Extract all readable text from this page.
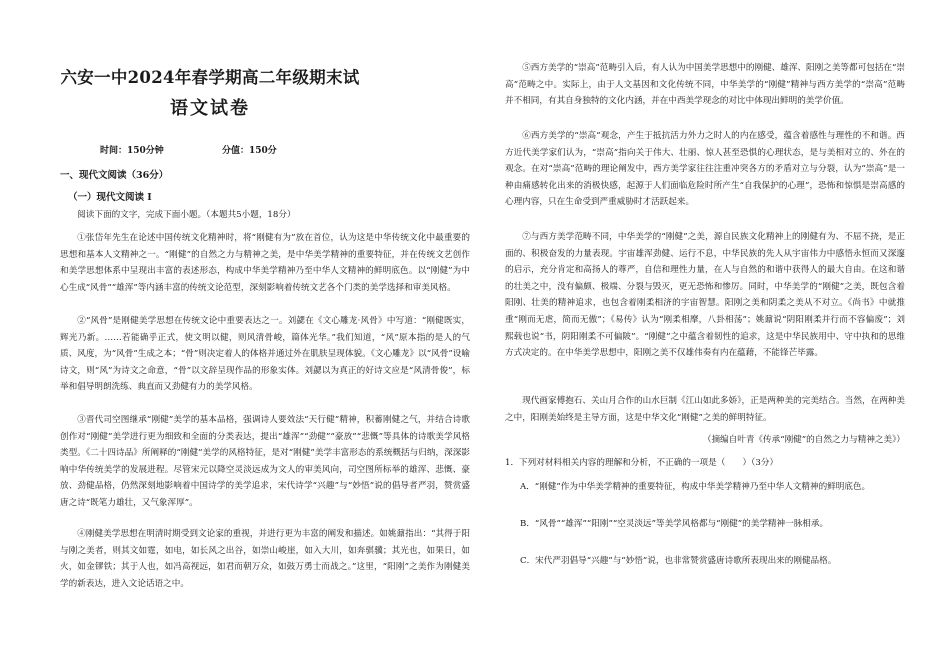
六安一中2024年春学期高二年级期末试
语文试卷
时间：150分钟	分值：150分
一、现代文阅读（36分）
（一）现代文阅读 Ⅰ

阅读下面的文字，完成下面小题。（本题共5小题，18分）

①张岱年先生在论述中国传统文化精神时，将“刚健有为”放在首位，认为这是中华传统文化中最重要的思想和基本人文精神之一。“刚健”的自然之力与精神之美，是中华美学精神的重要特征，并在传统文艺创作和美学思想体系中呈现出丰富的表述形态，构成中华美学精神乃至中华人文精神的鲜明底色。以“刚健”为中心生成“风骨”“雄浑”等内涵丰富的传统文论范型，深刻影响着传统文艺各个门类的美学选择和审美风格。

②“风骨”是刚健美学思想在传统文论中重要表达之一。刘勰在《文心雕龙·风骨》中写道：“刚健既实，辉光乃新。……若能确乎正式，使文明以健，则风清骨峻，篇体光华。”我们知道，“风”原本指的是人的气质、风度，为“风骨”生成之本；“骨”则决定着人的体格并通过外在肌肤呈现体貌。《文心雕龙》以“风骨”设喻诗文，则“风”为诗文之命意，“骨”以文辞呈现作品的形象实体。刘勰以为真正的好诗文应是“风清骨俊”，标举和倡导明朗洗练、典直而又劲健有力的美学风格。

③晋代司空图继承“刚健”美学的基本品格，强调诗人要效法“天行健”精神，积蓄刚健之气，并结合诗歌创作对“刚健”美学进行更为细致和全面的分类表达，提出“雄浑”“劲健”“豪放”“悲慨”等具体的诗歌美学风格类型。《二十四诗品》所阐释的“刚健”美学的风格特征，是对“刚健”美学丰富形态的系统概括与归纳，深深影响中华传统美学的发展进程。尽管宋元以降空灵淡远成为文人的审美风向，司空图所标举的雄浑、悲慨、豪放、劲健品格，仍然深刻地影响着中国诗学的美学追求，宋代诗学“兴趣”与“妙悟”说的倡导者严羽，赞赏盛唐之诗“既笔力雄壮，又气象浑厚”。

④刚健美学思想在明清时期受到文论家的重视，并进行更为丰富的阐发和描述。如姚鼐指出：“其得于阳与刚之美者，则其文如霆，如电，如长风之出谷，如崇山峻崖，如入大川，如奔骐骥；其光也，如果日，如火，如金镠铁；其于人也，如冯高视远，如君而朝万众，如鼓万勇士而战之。”这里，“阳刚”之美作为刚健美学的新表达，进入文论话语之中。

⑤西方美学的“崇高”范畴引入后，有人认为中国美学思想中的刚健、雄浑、阳刚之美等都可包括在“崇高”范畴之中。实际上，由于人文基因和文化传统不同，中华美学的“刚健”精神与西方美学的“崇高”范畴并不相同，有其自身独特的文化内涵，并在中西美学现念的对比中体现出鲜明的美学价值。

⑥西方美学的“崇高”观念，产生于抵抗活力外力之时人的内在感受，蕴含着感性与理性的不和谐。西方近代美学家们认为，“崇高”指向关于伟大、壮丽、惊人甚至恐惧的心理状态，是与美相对立的、外在的观念。在对“崇高”范畴的理论阐发中，西方美学家往往注重冲突各方的矛盾对立与分裂，认为“崇高”是一种由痛感转化出来的消极快感，起源于人们面临危险时所产生“自我保护的心理”，恐怖和惊惧是崇高感的心理内容，只在生命受到严重威胁时才活跃起来。

⑦与西方美学范畴不同，中华美学的“刚健”之美，源自民族文化精神上的刚健有为、不屈不挠，是正面的、积极奋发的力量表现。宇宙雄浑劲健、运行不息，中华民族的先人从宇宙伟力中感悟永恒而又深邃的启示，充分肯定和高扬人的尊严，自信和理性力量，在人与自然的和谐中获得人的最大自由。在这和谐的壮美之中，没有偏颇、极端、分裂与毁灭，更无恐怖和惨厉。同时，中华美学的“刚健”之美，既包含着阳刚、壮美的精神追求，也包含着刚柔相济的宇宙智慧。阳刚之美和阴柔之美从不对立。《尚书》中就推重“刚而无虐，简而无傲”；《易传》认为“刚柔相摩，八卦相荡”；姚鼐说“阴阳刚柔并行而不容偏废”；刘熙载也说“书，阴阳刚柔不可偏陂”。“刚健”之中蕴含着韧性的追求，这是中华民族用中、守中执和的思维方式决定的。在中华美学思想中，阳刚之美不仅雄伟奏有内在蕴藉，不能锋芒毕露。

现代画家傅抱石、关山月合作的山水巨制《江山如此多娇》，正是两种美的完美结合。当然，在两种美之中，阳刚美始终是主导方面，这是中华文化“刚健”之美的鲜明特征。

（摘编自叶青《传承“刚健”的自然之力与精神之美》）
1．下列对材料相关内容的理解和分析，不正确的一项是（　　）（3分）
A．“刚健”作为中华美学精神的重要特征，构成中华美学精神乃至中华人文精神的鲜明底色。
B．“风骨”“雄浑”“阳刚”“空灵淡远”等美学风格都与“刚健”的美学精神一脉相承。
C．宋代严羽倡导“兴趣”与“妙悟”说，也非常赞赏盛唐诗歌所表现出来的刚健品格。
